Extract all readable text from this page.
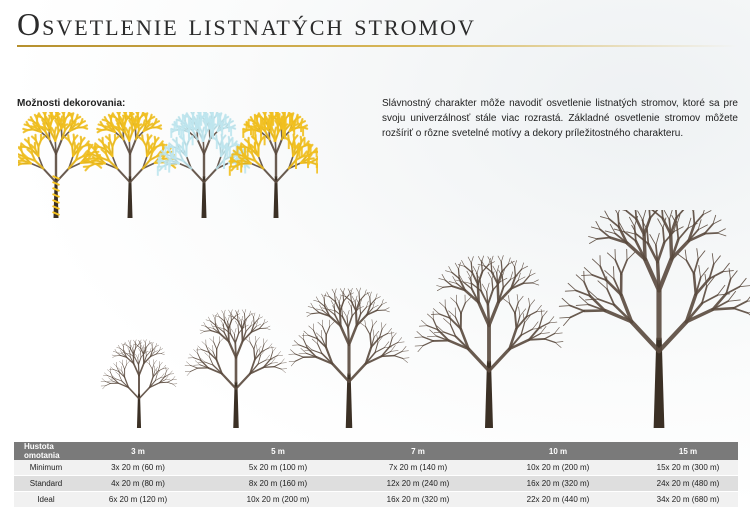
Osvetlenie listnatých stromov
Možnosti dekorovania:	Slávnostný charakter môže navodiť osvetlenie listnatých stromov, ktoré sa pre svoju univerzálnosť stále viac rozrastá. Základné osvetlenie stromov môžete rozšíriť o rôzne svetelné motívy a dekory príležitostného charakteru.

Hustota omotania	3 m	5 m	7 m	10 m	15 m
Minimum	3x 20 m (60 m)	5x 20 m (100 m)	7x 20 m (140 m)	10x 20 m (200 m)	15x 20 m (300 m)
Standard	4x 20 m (80 m)	8x 20 m (160 m)	12x 20 m (240 m)	16x 20 m (320 m)	24x 20 m (480 m)
Ideal	6x 20 m (120 m)	10x 20 m (200 m)	16x 20 m (320 m)	22x 20 m (440 m)	34x 20 m (680 m)
